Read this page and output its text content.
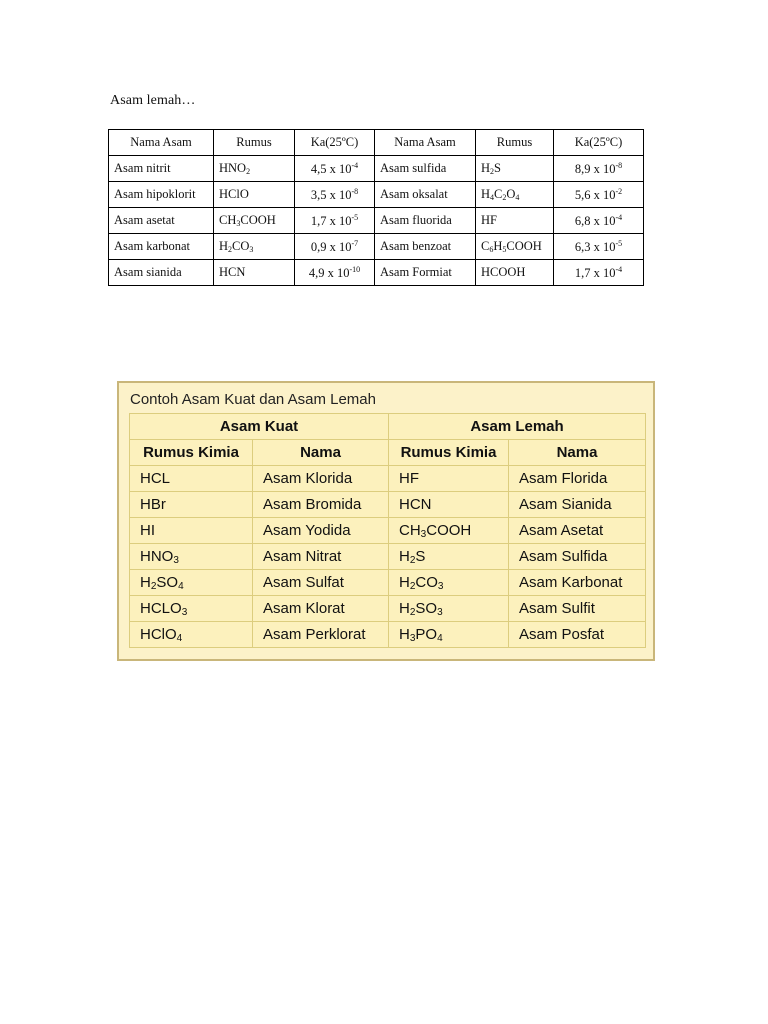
Asam lemah…
Nama Asam	Rumus	Ka(25ºC)	Nama Asam	Rumus	Ka(25ºC)
Asam nitrit	$HNO_2$	4,5 x $10^{-4}$	Asam sulfida	$H_2S$	8,9 x $10^{-8}$
Asam hipoklorit	HClO	3,5 x $10^{-8}$	Asam oksalat	$H_4C_2O_4$	5,6 x $10^{-2}$
Asam asetat	$CH_3COOH$	1,7 x $10^{-5}$	Asam fluorida	HF	6,8 x $10^{-4}$
Asam karbonat	$H_2CO_3$	0,9 x $10^{-7}$	Asam benzoat	$C_6H_5COOH$	6,3 x $10^{-5}$
Asam sianida	HCN	4,9 x $10^{-10}$	Asam Formiat	HCOOH	1,7 x $10^{-4}$
Contoh Asam Kuat dan Asam Lemah
Asam Kuat		Asam Lemah	
Rumus Kimia	Nama	Rumus Kimia	Nama
HCL	Asam Klorida	HF	Asam Florida
HBr	Asam Bromida	HCN	Asam Sianida
HI	Asam Yodida	$CH_3COOH$	Asam Asetat
$HNO_3$	Asam Nitrat	$H_2S$	Asam Sulfida
$H_2SO_4$	Asam Sulfat	$H_2CO_3$	Asam Karbonat
$HCLO_3$	Asam Klorat	$H_2SO_3$	Asam Sulfit
HClO$_4$	Asam Perklorat	$H_3PO_4$	Asam Posfat
